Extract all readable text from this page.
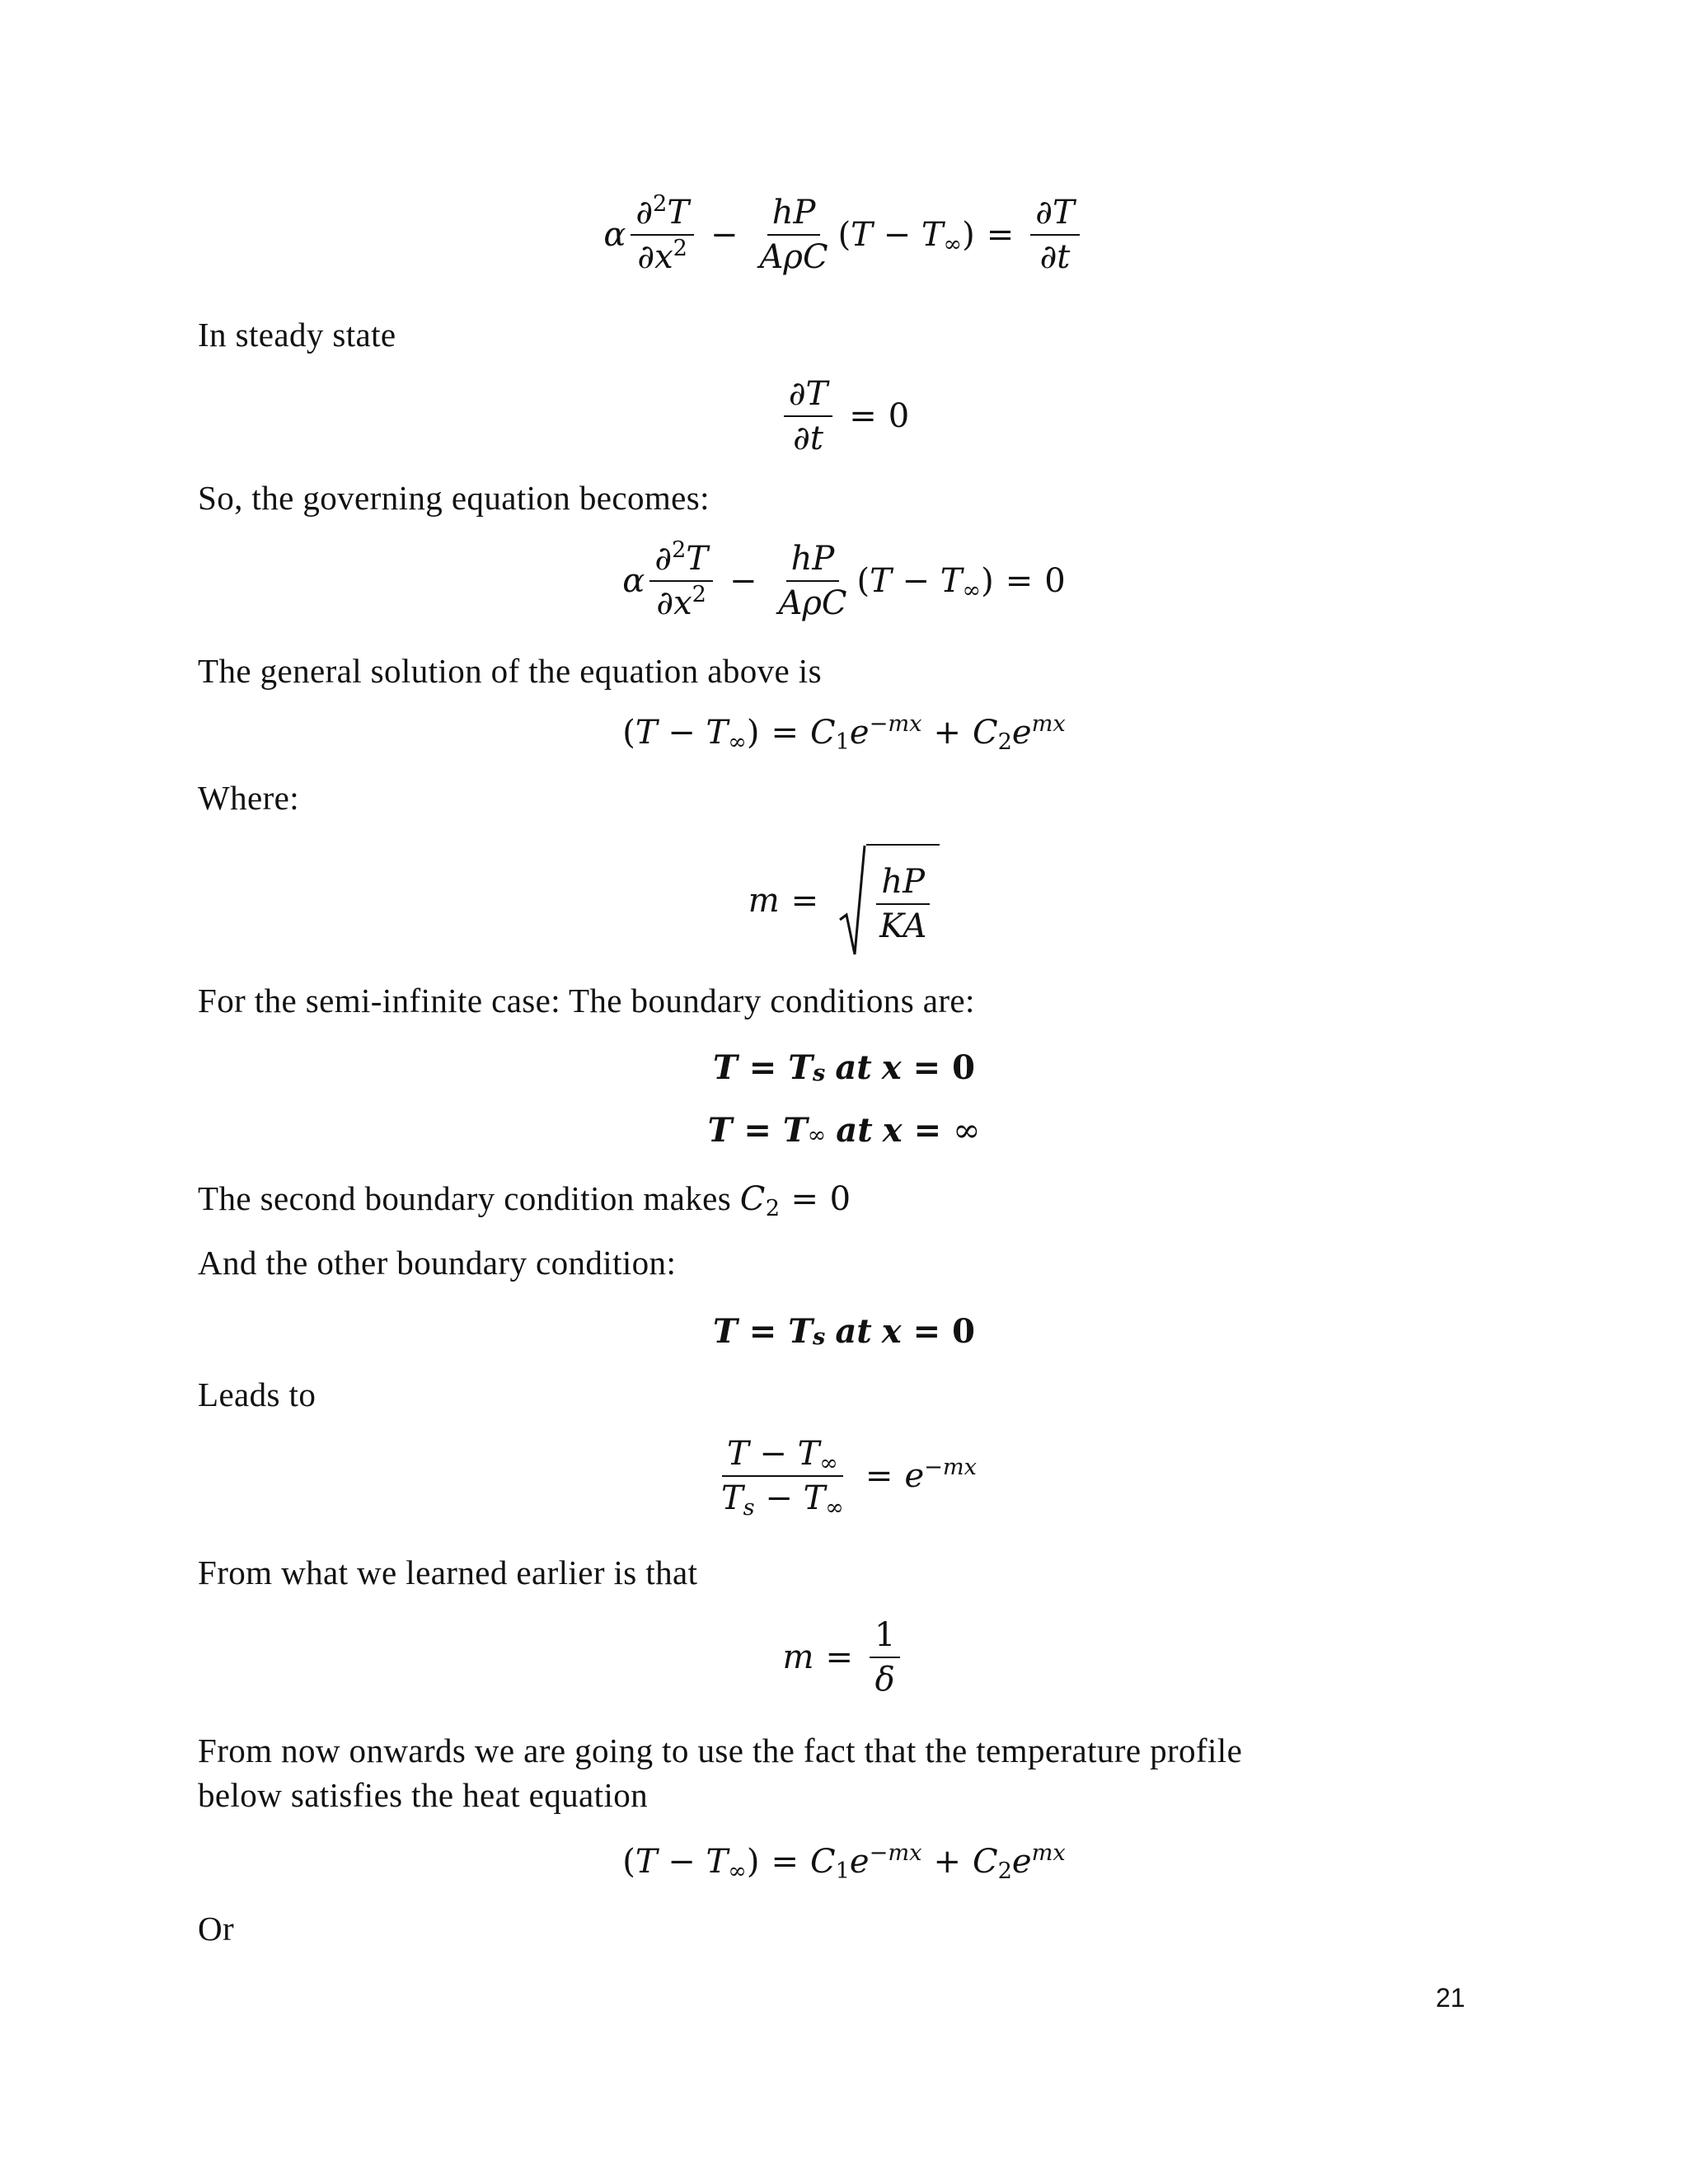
α $\frac{\partial^2T}{\partial x^2} - \frac{hP}{\text{AρC}} (T - T_\infty) = \frac{\partial T}{\partial t}$
In steady state
$\frac{\partial T}{\partial t} = 0$
So, the governing equation becomes:
α $\frac{\partial^2T}{\partial x^2} - \frac{hP}{\text{AρC}} (T - T_\infty) = 0$
The general solution of the equation above is
$(T - T_\infty) = C_1e^{-mx} + C_2e^{mx}$
Where:
$m = \frac{hP}{KA}$
For the semi-infinite case: The boundary conditions are:
$T = T_s$ at x = 0
$T = T_\infty$ at x = ∞
The second boundary condition makes $C_2 = 0$
And the other boundary condition:
$T = T_s$ at x = 0
Leads to
$\frac{T - T_\infty}{T_s - T_\infty} = e^{-mx}$
From what we learned earlier is that
$m = \frac{1}{\delta}$
From now onwards we are going to use the fact that the temperature profile
below satisfies the heat equation
$(T - T_\infty) = C_1e^{-mx} + C_2e^{mx}$
Or
21
